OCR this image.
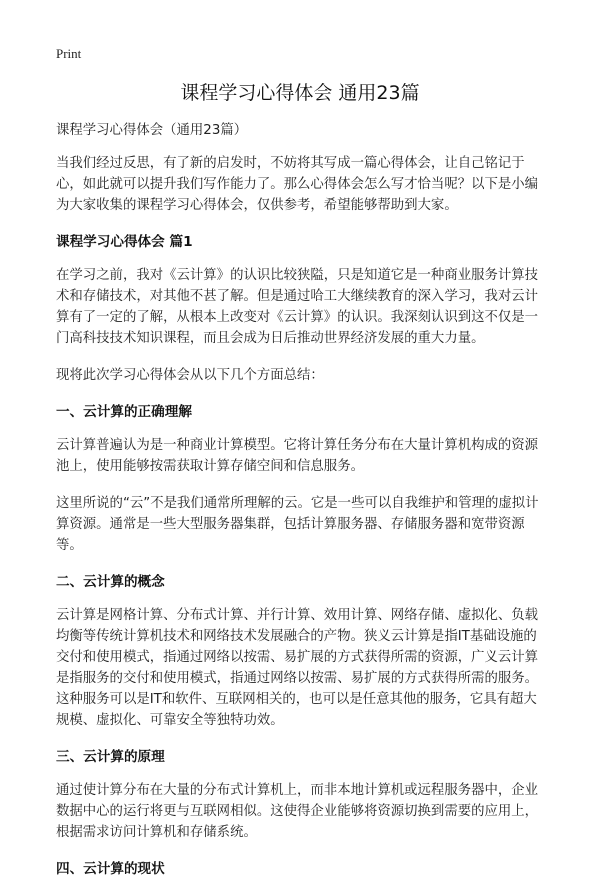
Print
课程学习心得体会 通用23篇

课程学习心得体会（通用23篇）

当我们经过反思，有了新的启发时，不妨将其写成一篇心得体会，让自己铭记于心，如此就可以提升我们写作能力了。那么心得体会怎么写才恰当呢？以下是小编为大家收集的课程学习心得体会，仅供参考，希望能够帮助到大家。

课程学习心得体会 篇1

在学习之前，我对《云计算》的认识比较狭隘，只是知道它是一种商业服务计算技术和存储技术，对其他不甚了解。但是通过哈工大继续教育的深入学习，我对云计算有了一定的了解，从根本上改变对《云计算》的认识。我深刻认识到这不仅是一门高科技技术知识课程，而且会成为日后推动世界经济发展的重大力量。

现将此次学习心得体会从以下几个方面总结：

一、云计算的正确理解

云计算普遍认为是一种商业计算模型。它将计算任务分布在大量计算机构成的资源池上，使用能够按需获取计算存储空间和信息服务。

这里所说的“云”不是我们通常所理解的云。它是一些可以自我维护和管理的虚拟计算资源。通常是一些大型服务器集群，包括计算服务器、存储服务器和宽带资源等。

二、云计算的概念

云计算是网格计算、分布式计算、并行计算、效用计算、网络存储、虚拟化、负载均衡等传统计算机技术和网络技术发展融合的产物。狭义云计算是指IT基础设施的交付和使用模式，指通过网络以按需、易扩展的方式获得所需的资源，广义云计算是指服务的交付和使用模式，指通过网络以按需、易扩展的方式获得所需的服务。这种服务可以是IT和软件、互联网相关的，也可以是任意其他的服务，它具有超大规模、虚拟化、可靠安全等独特功效。

三、云计算的原理

通过使计算分布在大量的分布式计算机上，而非本地计算机或远程服务器中，企业数据中心的运行将更与互联网相似。这使得企业能够将资源切换到需要的应用上，根据需求访问计算机和存储系统。

四、云计算的现状
